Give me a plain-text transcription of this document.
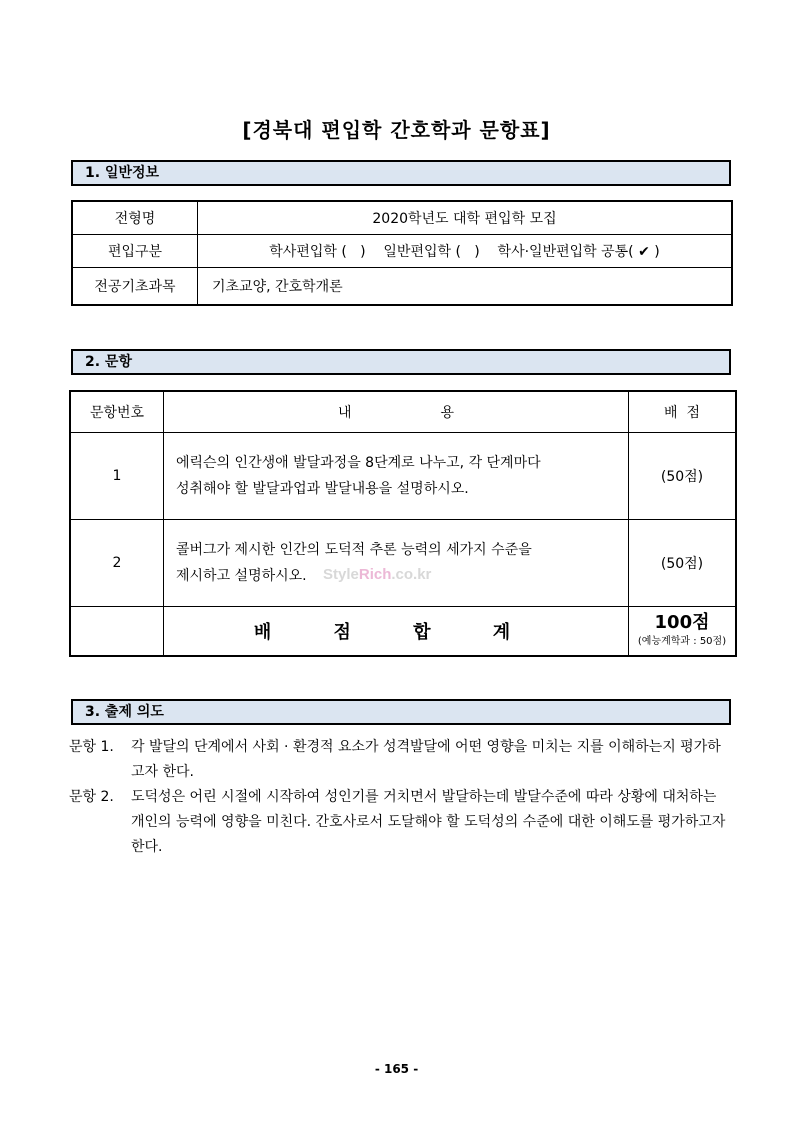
[경북대 편입학 간호학과 문항표]
1. 일반정보
전형명	2020학년도 대학 편입학 모집
편입구분	학사편입학 (   )    일반편입학 (   )    학사·일반편입학 공통( ✔ )
전공기초과목	기초교양, 간호학개론
2. 문항
문항번호	내                    용	배  점
1	에릭슨의 인간생애 발달과정을 8단계로 나누고, 각 단계마다
성취해야 할 발달과업과 발달내용을 설명하시오.	(50점)
2	콜버그가 제시한 인간의 도덕적 추론 능력의 세가지 수준을
제시하고 설명하시오.	(50점)
	배 점 합 계	100점
(예능계학과 : 50점)
StyleRich.co.kr
3. 출제 의도
문항 1. 각 발달의 단계에서 사회 · 환경적 요소가 성격발달에 어떤 영향을 미치는 지를 이해하는지 평가하고자 한다.
문항 2. 도덕성은 어린 시절에 시작하여 성인기를 거치면서 발달하는데 발달수준에 따라 상황에 대처하는 개인의 능력에 영향을 미친다. 간호사로서 도달해야 할 도덕성의 수준에 대한 이해도를 평가하고자 한다.
- 165 -
